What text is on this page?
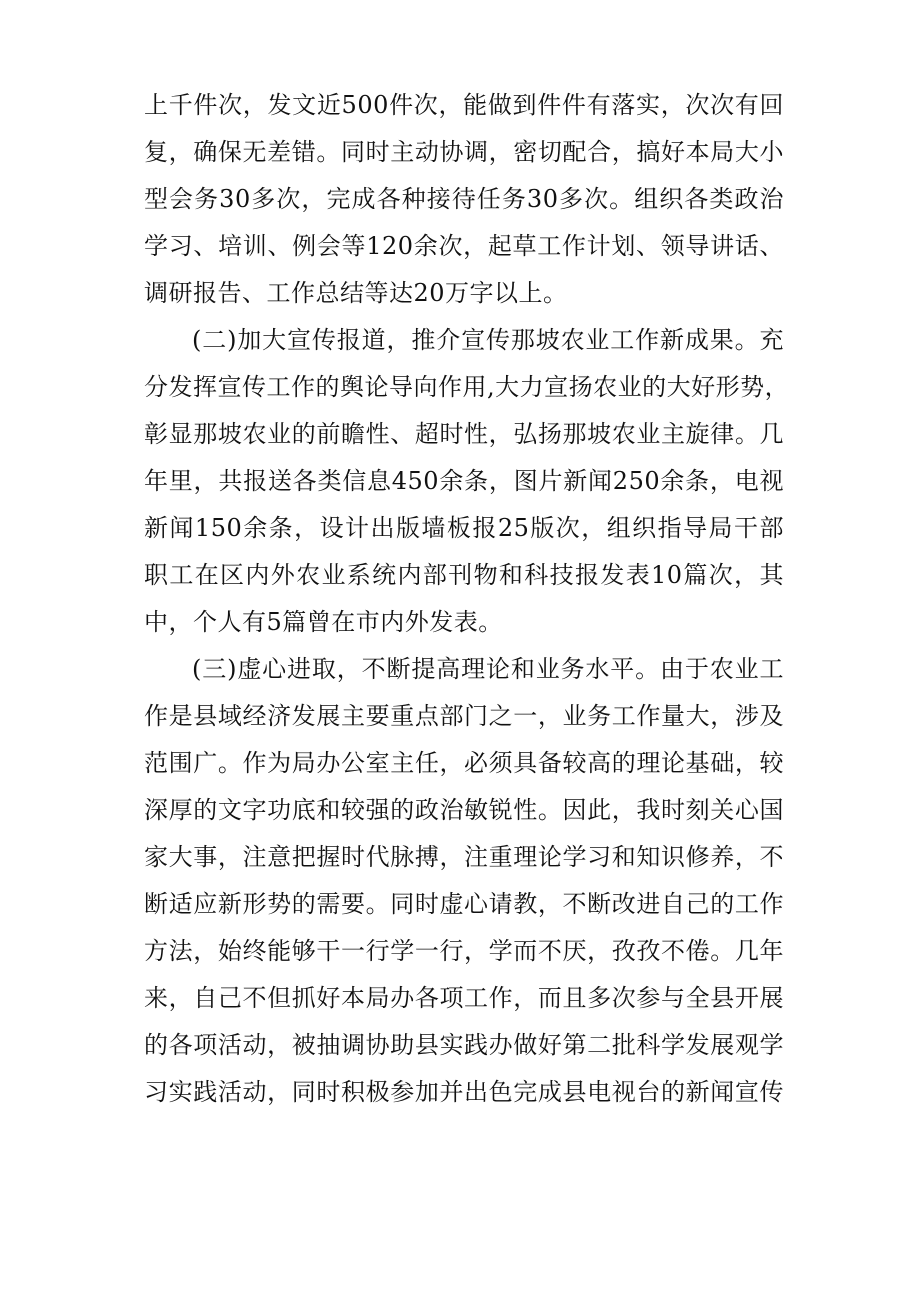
上千件次，发文近500件次，能做到件件有落实，次次有回
复，确保无差错。同时主动协调，密切配合，搞好本局大小
型会务30多次，完成各种接待任务30多次。组织各类政治
学习、培训、例会等120余次，起草工作计划、领导讲话、
调研报告、工作总结等达20万字以上。
(二)加大宣传报道，推介宣传那坡农业工作新成果。充
分发挥宣传工作的舆论导向作用,大力宣扬农业的大好形势，
彰显那坡农业的前瞻性、超时性，弘扬那坡农业主旋律。几
年里，共报送各类信息450余条，图片新闻250余条，电视
新闻150余条，设计出版墙板报25版次，组织指导局干部
职工在区内外农业系统内部刊物和科技报发表10篇次，其
中，个人有5篇曾在市内外发表。
(三)虚心进取，不断提高理论和业务水平。由于农业工
作是县域经济发展主要重点部门之一，业务工作量大，涉及
范围广。作为局办公室主任，必须具备较高的理论基础，较
深厚的文字功底和较强的政治敏锐性。因此，我时刻关心国
家大事，注意把握时代脉搏，注重理论学习和知识修养，不
断适应新形势的需要。同时虚心请教，不断改进自己的工作
方法，始终能够干一行学一行，学而不厌，孜孜不倦。几年
来，自己不但抓好本局办各项工作，而且多次参与全县开展
的各项活动，被抽调协助县实践办做好第二批科学发展观学
习实践活动，同时积极参加并出色完成县电视台的新闻宣传
